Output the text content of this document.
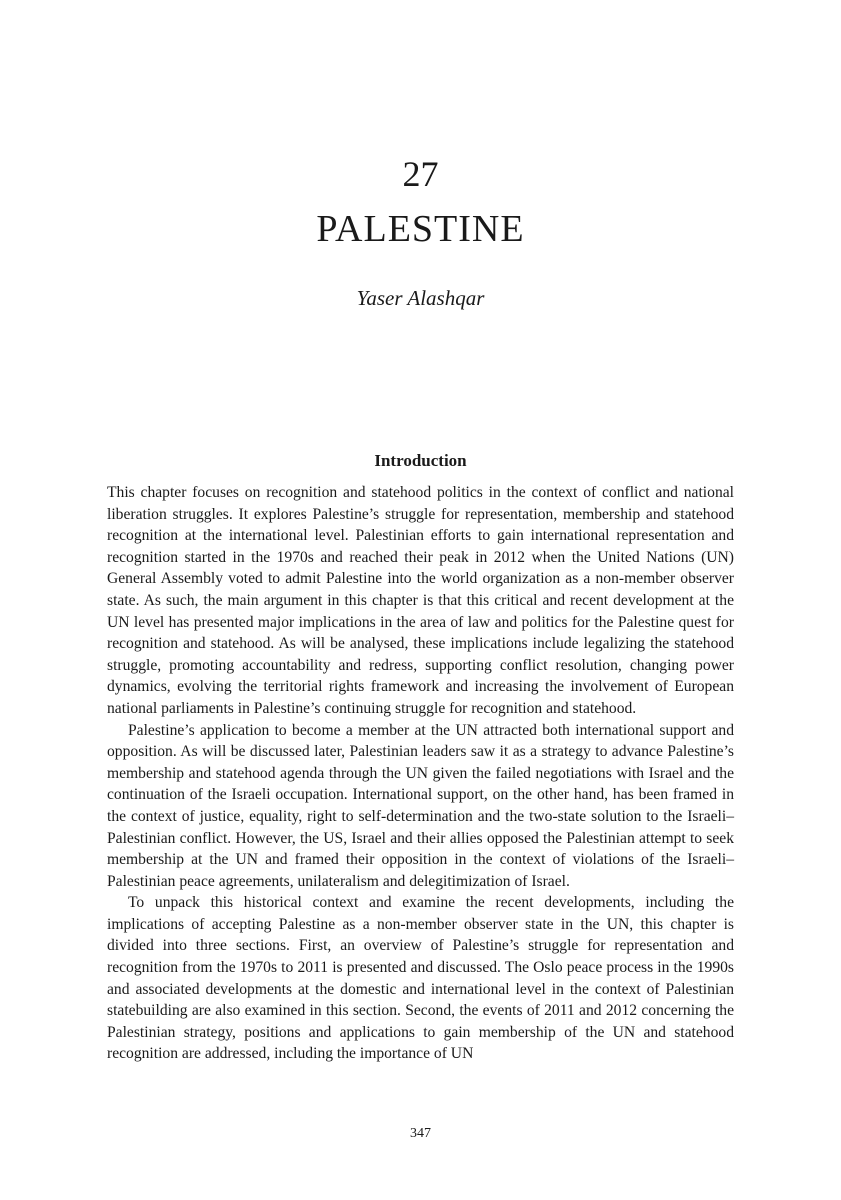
27
PALESTINE
Yaser Alashqar
Introduction

This chapter focuses on recognition and statehood politics in the context of conflict and national liberation struggles. It explores Palestine’s struggle for representation, membership and statehood recognition at the international level. Palestinian efforts to gain international representation and recognition started in the 1970s and reached their peak in 2012 when the United Nations (UN) General Assembly voted to admit Palestine into the world organization as a non-member observer state. As such, the main argument in this chapter is that this critical and recent development at the UN level has presented major implications in the area of law and politics for the Palestine quest for recognition and statehood. As will be analysed, these implications include legalizing the statehood struggle, promoting accountability and redress, supporting conflict resolution, changing power dynamics, evolving the territorial rights framework and increasing the involvement of European national parliaments in Palestine’s continuing struggle for recognition and statehood.

Palestine’s application to become a member at the UN attracted both international support and opposition. As will be discussed later, Palestinian leaders saw it as a strategy to advance Palestine’s membership and statehood agenda through the UN given the failed negotiations with Israel and the continuation of the Israeli occupation. International support, on the other hand, has been framed in the context of justice, equality, right to self-determination and the two-state solution to the Israeli–Palestinian conflict. However, the US, Israel and their allies opposed the Palestinian attempt to seek membership at the UN and framed their opposition in the context of violations of the Israeli–Palestinian peace agreements, unilateralism and delegitimization of Israel.

To unpack this historical context and examine the recent developments, including the implications of accepting Palestine as a non-member observer state in the UN, this chapter is divided into three sections. First, an overview of Palestine’s struggle for representation and recognition from the 1970s to 2011 is presented and discussed. The Oslo peace process in the 1990s and associated developments at the domestic and international level in the context of Palestinian statebuilding are also examined in this section. Second, the events of 2011 and 2012 concerning the Palestinian strategy, positions and applications to gain membership of the UN and statehood recognition are addressed, including the importance of UN

347
